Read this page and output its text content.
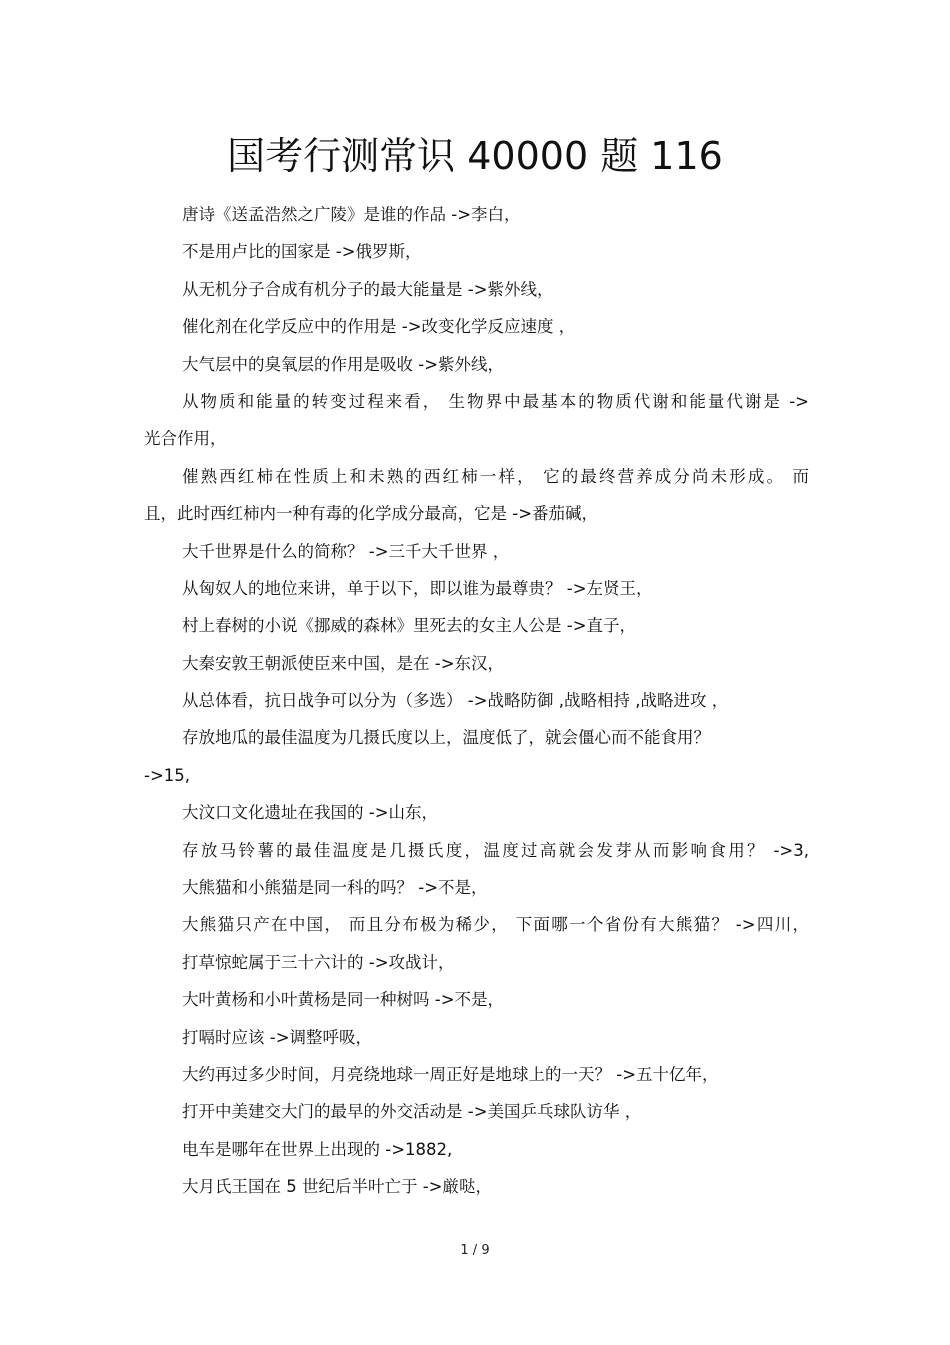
国考行测常识 40000 题 116
唐诗《送孟浩然之广陵》是谁的作品 ->李白，
不是用卢比的国家是 ->俄罗斯，
从无机分子合成有机分子的最大能量是 ->紫外线，
催化剂在化学反应中的作用是 ->改变化学反应速度 ，
大气层中的臭氧层的作用是吸收 ->紫外线，
从物质和能量的转变过程来看， 生物界中最基本的物质代谢和能量代谢是 ->
光合作用，
催熟西红柿在性质上和未熟的西红柿一样， 它的最终营养成分尚未形成。 而
且，此时西红柿内一种有毒的化学成分最高，它是 ->番茄碱，
大千世界是什么的简称？ ->三千大千世界 ，
从匈奴人的地位来讲，单于以下，即以谁为最尊贵？ ->左贤王，
村上春树的小说《挪威的森林》里死去的女主人公是 ->直子，
大秦安敦王朝派使臣来中国，是在 ->东汉，
从总体看，抗日战争可以分为（多选） ->战略防御 ,战略相持 ,战略进攻 ，
存放地瓜的最佳温度为几摄氏度以上，温度低了，就会僵心而不能食用？
->15,
大汶口文化遗址在我国的 ->山东，
存放马铃薯的最佳温度是几摄氏度，温度过高就会发芽从而影响食用？ ->3,
大熊猫和小熊猫是同一科的吗？ ->不是，
大熊猫只产在中国， 而且分布极为稀少， 下面哪一个省份有大熊猫？ ->四川，
打草惊蛇属于三十六计的 ->攻战计，
大叶黄杨和小叶黄杨是同一种树吗 ->不是，
打嗝时应该 ->调整呼吸，
大约再过多少时间，月亮绕地球一周正好是地球上的一天？ ->五十亿年，
打开中美建交大门的最早的外交活动是 ->美国乒乓球队访华 ，
电车是哪年在世界上出现的 ->1882,
大月氏王国在 5 世纪后半叶亡于 ->厳哒，
1 / 9
